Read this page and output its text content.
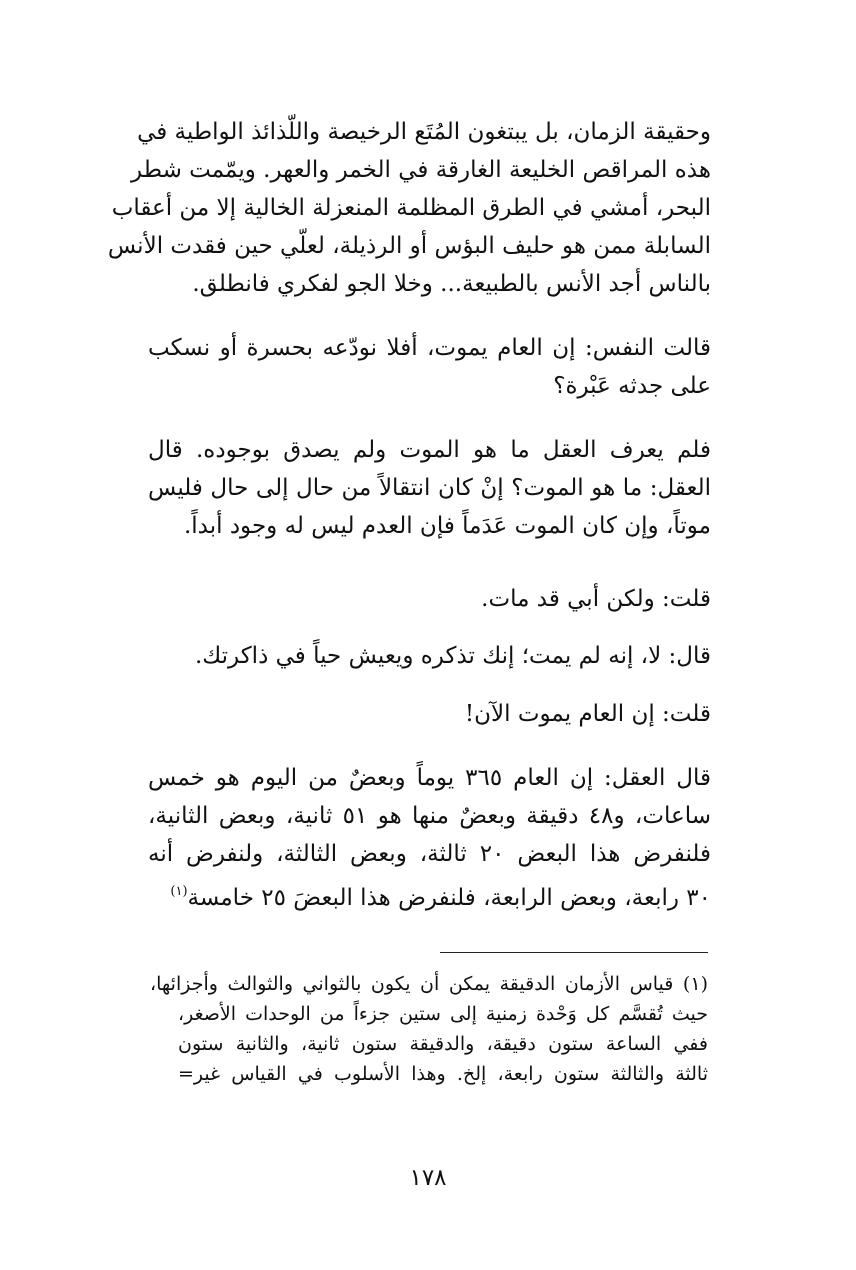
وحقيقة الزمان، بل يبتغون المُتَع الرخيصة واللّذائذ الواطية في

هذه المراقص الخليعة الغارقة في الخمر والعهر. ويمّمت شطر

البحر، أمشي في الطرق المظلمة المنعزلة الخالية إلا من أعقاب

السابلة ممن هو حليف البؤس أو الرذيلة، لعلّي حين فقدت الأنس

بالناس أجد الأنس بالطبيعة... وخلا الجو لفكري فانطلق.

قالت النفس: إن العام يموت، أفلا نودّعه بحسرة أو نسكب

على جدثه عَبْرة؟

فلم يعرف العقل ما هو الموت ولم يصدق بوجوده. قال

العقل: ما هو الموت؟ إنْ كان انتقالاً من حال إلى حال فليس

موتاً، وإن كان الموت عَدَماً فإن العدم ليس له وجود أبداً.

قلت: ولكن أبي قد مات.

قال: لا، إنه لم يمت؛ إنك تذكره ويعيش حياً في ذاكرتك.

قلت: إن العام يموت الآن!

قال العقل: إن العام ٣٦٥ يوماً وبعضٌ من اليوم هو خمس

ساعات، و٤٨ دقيقة وبعضٌ منها هو ٥١ ثانية، وبعض الثانية،

فلنفرض هذا البعض ٢٠ ثالثة، وبعض الثالثة، ولنفرض أنه

٣٠ رابعة، وبعض الرابعة، فلنفرض هذا البعضَ ٢٥ خامسة$^{(١)}$

(١) قياس الأزمان الدقيقة يمكن أن يكون بالثواني والثوالث وأجزائها،

حيث تُقسَّم كل وَحْدة زمنية إلى ستين جزءاً من الوحدات الأصغر،

ففي الساعة ستون دقيقة، والدقيقة ستون ثانية، والثانية ستون

ثالثة والثالثة ستون رابعة، إلخ. وهذا الأسلوب في القياس غير=

١٧٨
